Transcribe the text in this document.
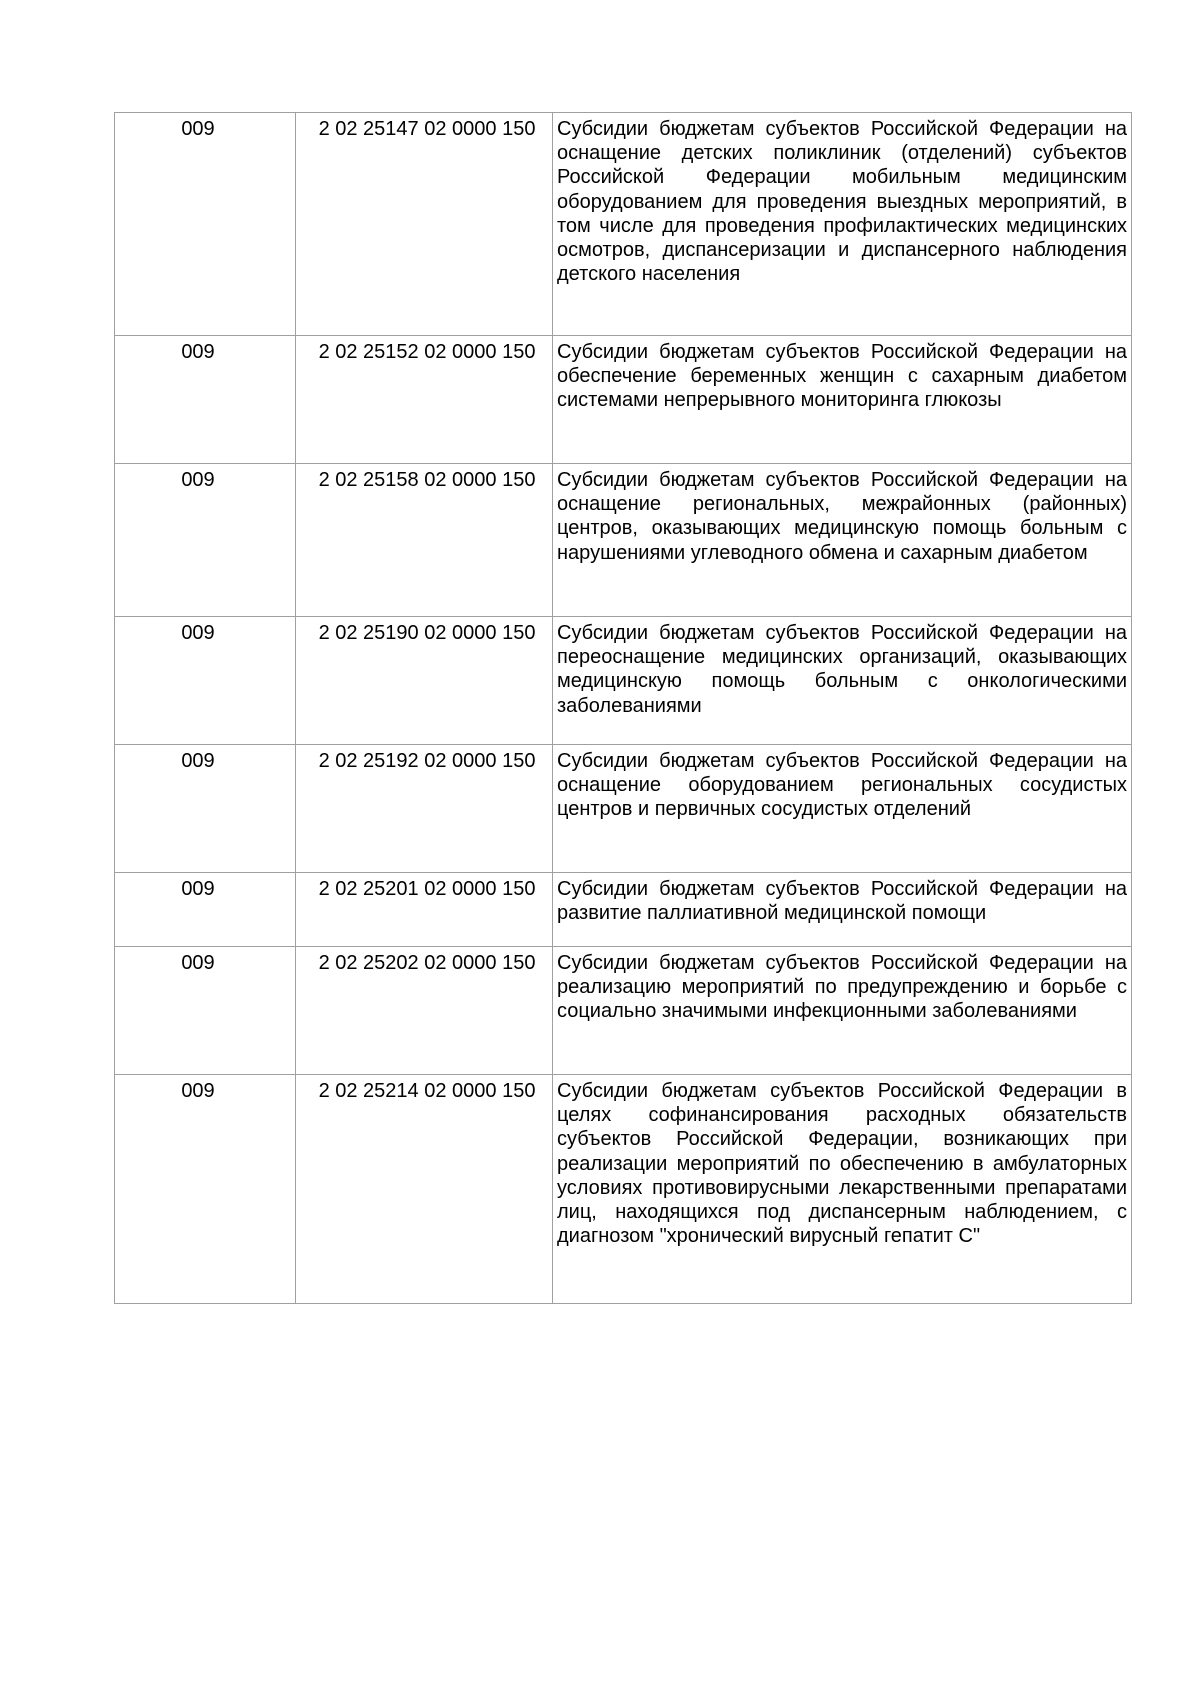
009	2 02 25147 02 0000 150	Субсидии бюджетам субъектов Российской Федерации на оснащение детских поликлиник (отделений) субъектов Российской Федерации мобильным медицинским оборудованием для проведения выездных мероприятий, в том числе для проведения профилактических медицинских осмотров, диспансеризации и диспансерного наблюдения детского населения

009	2 02 25152 02 0000 150	Субсидии бюджетам субъектов Российской Федерации на обеспечение беременных женщин с сахарным диабетом системами непрерывного мониторинга глюкозы

009	2 02 25158 02 0000 150	Субсидии бюджетам субъектов Российской Федерации на оснащение региональных, межрайонных (районных) центров, оказывающих медицинскую помощь больным с нарушениями углеводного обмена и сахарным диабетом

009	2 02 25190 02 0000 150	Субсидии бюджетам субъектов Российской Федерации на переоснащение медицинских организаций, оказывающих медицинскую помощь больным с онкологическими заболеваниями

009	2 02 25192 02 0000 150	Субсидии бюджетам субъектов Российской Федерации на оснащение оборудованием региональных сосудистых центров и первичных сосудистых отделений

009	2 02 25201 02 0000 150	Субсидии бюджетам субъектов Российской Федерации на развитие паллиативной медицинской помощи

009	2 02 25202 02 0000 150	Субсидии бюджетам субъектов Российской Федерации на реализацию мероприятий по предупреждению и борьбе с социально значимыми инфекционными заболеваниями

009	2 02 25214 02 0000 150	Субсидии бюджетам субъектов Российской Федерации в целях софинансирования расходных обязательств субъектов Российской Федерации, возникающих при реализации мероприятий по обеспечению в амбулаторных условиях противовирусными лекарственными препаратами лиц, находящихся под диспансерным наблюдением, с диагнозом "хронический вирусный гепатит C"
